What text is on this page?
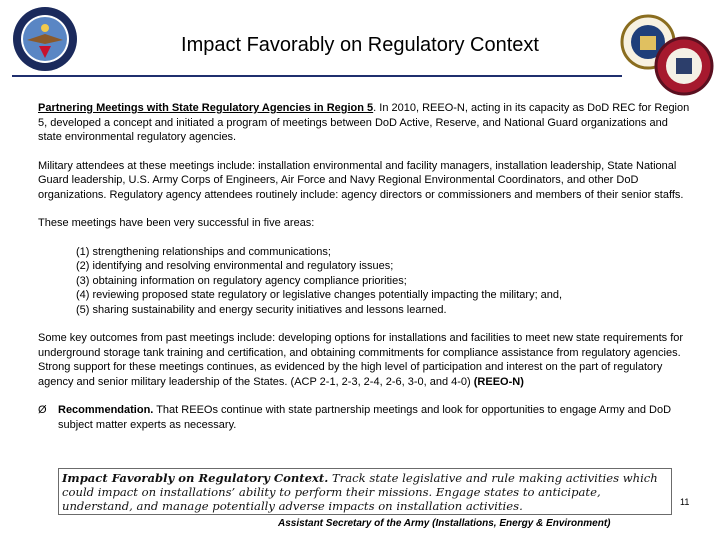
Impact Favorably on Regulatory Context

Partnering Meetings with State Regulatory Agencies in Region 5. In 2010, REEO-N, acting in its capacity as DoD REC for Region 5, developed a concept and initiated a program of meetings between DoD Active, Reserve, and National Guard organizations and state environmental regulatory agencies.

Military attendees at these meetings include: installation environmental and facility managers, installation leadership, State National Guard leadership, U.S. Army Corps of Engineers, Air Force and Navy Regional Environmental Coordinators, and other DoD organizations. Regulatory agency attendees routinely include: agency directors or commissioners and members of their senior staffs.

These meetings have been very successful in five areas:

(1) strengthening relationships and communications;
(2) identifying and resolving environmental and regulatory issues;
(3) obtaining information on regulatory agency compliance priorities;
(4) reviewing proposed state regulatory or legislative changes potentially impacting the military; and,
(5) sharing sustainability and energy security initiatives and lessons learned.

Some key outcomes from past meetings include: developing options for installations and facilities to meet new state requirements for underground storage tank training and certification, and obtaining commitments for compliance assistance from regulatory agencies. Strong support for these meetings continues, as evidenced by the high level of participation and interest on the part of regulatory agency and senior military leadership of the States. (ACP 2-1, 2-3, 2-4, 2-6, 3-0, and 4-0) (REEO-N)

Ø Recommendation. That REEOs continue with state partnership meetings and look for opportunities to engage Army and DoD subject matter experts as necessary.
Impact Favorably on Regulatory Context. Track state legislative and rule making activities which could impact on installations’ ability to perform their missions. Engage states to anticipate, understand, and manage potentially adverse impacts on installation activities.	11
Assistant Secretary of the Army (Installations, Energy & Environment)
